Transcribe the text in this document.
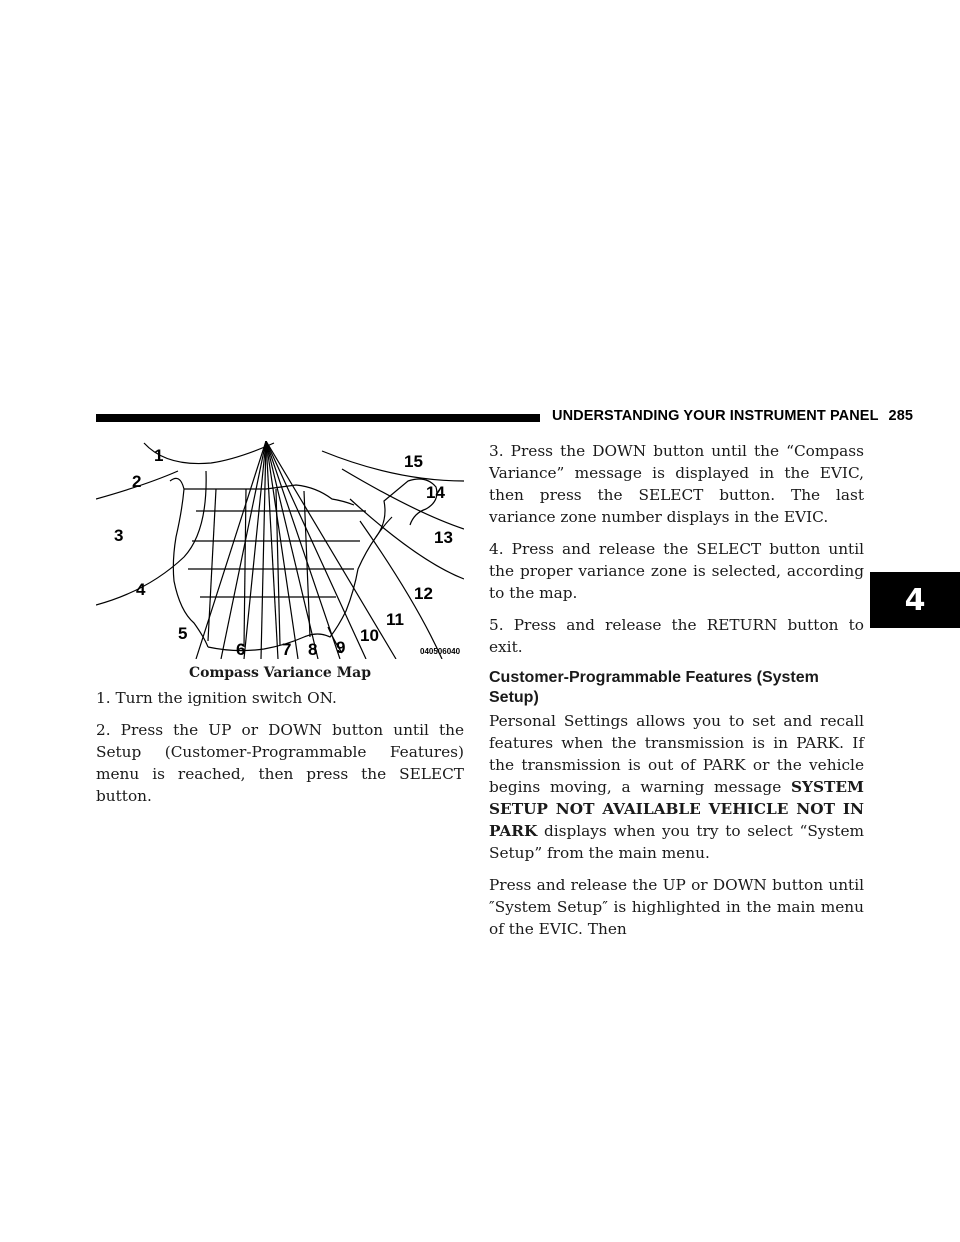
UNDERSTANDING YOUR INSTRUMENT PANEL 285
4
1
2
3
4
5
6 7 8 9
10
11
12
13
14
15
040506040
Compass Variance Map

1. Turn the ignition switch ON.

2. Press the UP or DOWN button until the Setup (Customer-Programmable Features) menu is reached, then press the SELECT button.

3. Press the DOWN button until the “Compass Variance” message is displayed in the EVIC, then press the SELECT button. The last variance zone number displays in the EVIC.

4. Press and release the SELECT button until the proper variance zone is selected, according to the map.

5. Press and release the RETURN button to exit.

Customer-Programmable Features (System Setup)

Personal Settings allows you to set and recall features when the transmission is in PARK. If the transmission is out of PARK or the vehicle begins moving, a warning message SYSTEM SETUP NOT AVAILABLE VEHICLE NOT IN PARK displays when you try to select “System Setup” from the main menu.

Press and release the UP or DOWN button until ″System Setup″ is highlighted in the main menu of the EVIC. Then
